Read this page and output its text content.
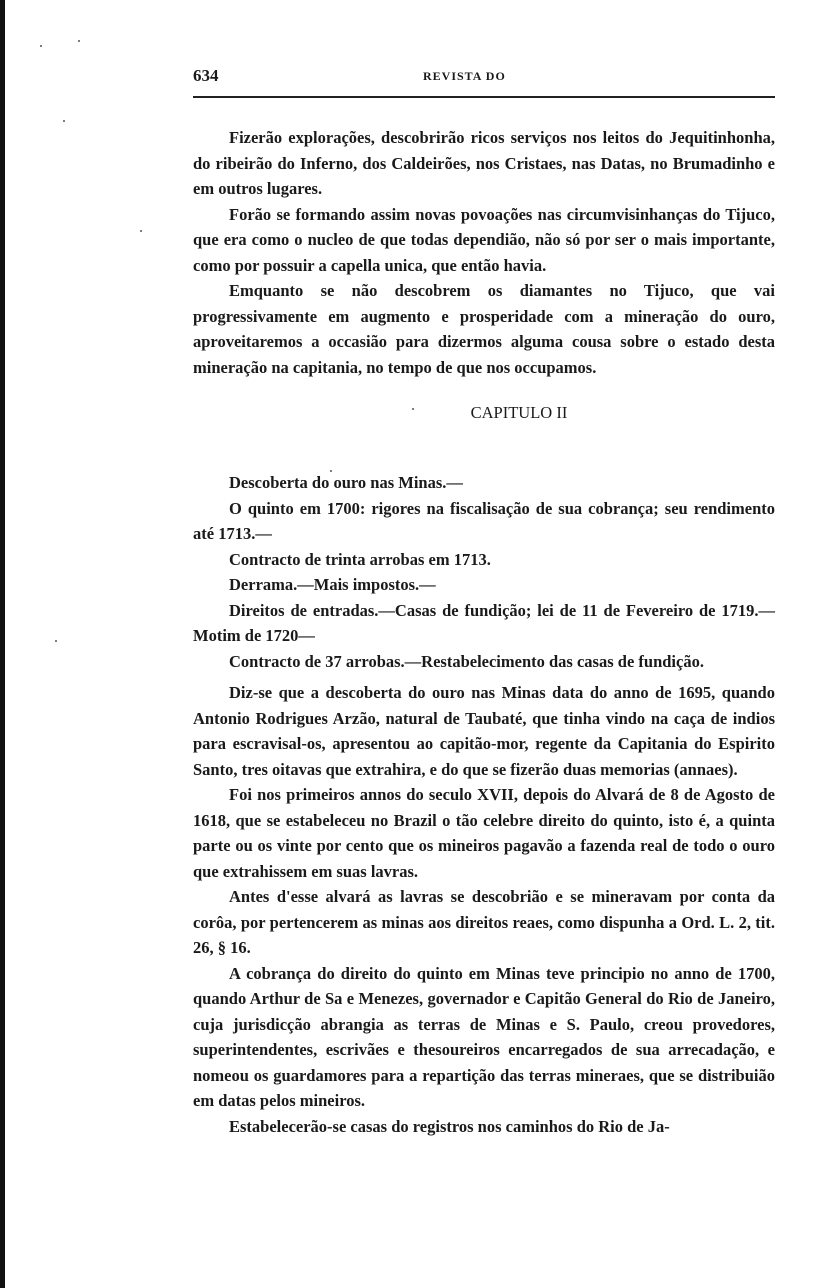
634	REVISTA DO

Fizerão explorações, descobrirão ricos serviços nos leitos do Jequitinhonha, do ribeirão do Inferno, dos Caldeirões, nos Cristaes, nas Datas, no Brumadinho e em outros lugares.

Forão se formando assim novas povoações nas circumvisinhanças do Tijuco, que era como o nucleo de que todas dependião, não só por ser o mais importante, como por possuir a capella unica, que então havia.

Emquanto se não descobrem os diamantes no Tijuco, que vai progressivamente em augmento e prosperidade com a mineração do ouro, aproveitaremos a occasião para dizermos alguma cousa sobre o estado desta mineração na capitania, no tempo de que nos occupamos.

CAPITULO II

Descoberta do ouro nas Minas.—

O quinto em 1700: rigores na fiscalisação de sua cobrança; seu rendimento até 1713.—

Contracto de trinta arrobas em 1713.

Derrama.—Mais impostos.—

Direitos de entradas.—Casas de fundição; lei de 11 de Fevereiro de 1719.—Motim de 1720—

Contracto de 37 arrobas.—Restabelecimento das casas de fundição.

Diz-se que a descoberta do ouro nas Minas data do anno de 1695, quando Antonio Rodrigues Arzão, natural de Taubaté, que tinha vindo na caça de indios para escravisal-os, apresentou ao capitão-mor, regente da Capitania do Espirito Santo, tres oitavas que extrahira, e do que se fizerão duas memorias (annaes).

Foi nos primeiros annos do seculo XVII, depois do Alvará de 8 de Agosto de 1618, que se estabeleceu no Brazil o tão celebre direito do quinto, isto é, a quinta parte ou os vinte por cento que os mineiros pagavão a fazenda real de todo o ouro que extrahissem em suas lavras.

Antes d'esse alvará as lavras se descobrião e se mineravam por conta da corôa, por pertencerem as minas aos direitos reaes, como dispunha a Ord. L. 2, tit. 26, § 16.

A cobrança do direito do quinto em Minas teve principio no anno de 1700, quando Arthur de Sa e Menezes, governador e Capitão General do Rio de Janeiro, cuja jurisdicção abrangia as terras de Minas e S. Paulo, creou provedores, superintendentes, escrivães e thesoureiros encarregados de sua arrecadação, e nomeou os guardamores para a repartição das terras mineraes, que se distribuião em datas pelos mineiros.

Estabelecerão-se casas do registros nos caminhos do Rio de Ja-
